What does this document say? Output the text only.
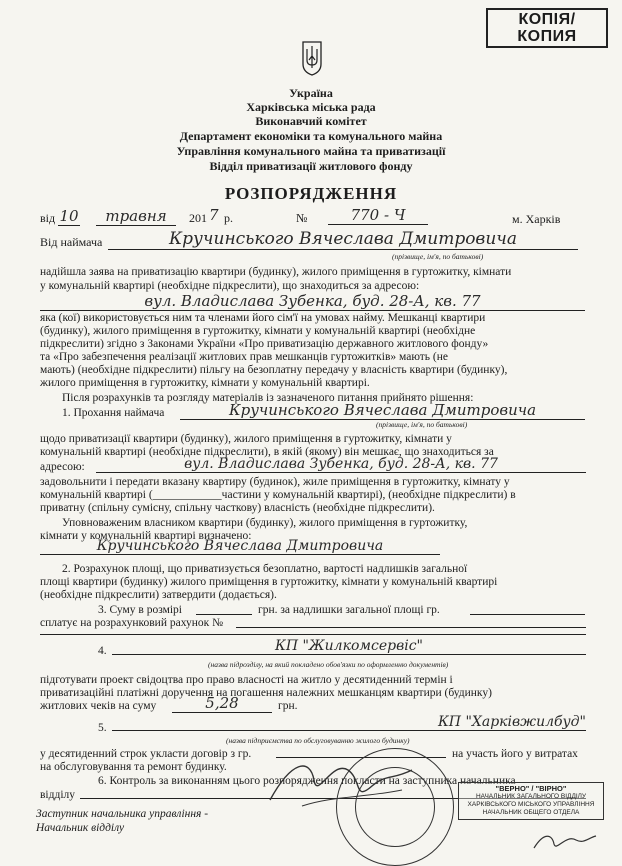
КОПІЯ/
КОПИЯ
Україна
Харківська міська рада
Виконавчий комітет
Департамент економіки та комунального майна
Управління комунального майна та приватизації
Відділ приватизації житлового фонду
РОЗПОРЯДЖЕННЯ
від 10	травня	201 7 р.	№	770 - Ч	м. Харків
Від наймача	Кручинського Вячеслава Дмитровича
(прізвище, ім'я, по батькові)
надійшла заява на приватизацію квартири (будинку), жилого приміщення в гуртожитку, кімнати
у комунальній квартирі (необхідне підкреслити), що знаходиться за адресою:
вул. Владислава Зубенка, буд. 28-А, кв. 77
яка (кої) використовується ним та членами його сім'ї на умовах найму. Мешканці квартири
(будинку), жилого приміщення в гуртожитку, кімнати у комунальній квартирі (необхідне
підкреслити) згідно з Законами України «Про приватизацію державного житлового фонду»
та «Про забезпечення реалізації житлових прав мешканців гуртожитків» мають (не
мають) (необхідне підкреслити) пільгу на безоплатну передачу у власність квартири (будинку),
жилого приміщення в гуртожитку, кімнати у комунальній квартирі.
Після розрахунків та розгляду матеріалів із зазначеного питання прийнято рішення:
1. Прохання наймача	Кручинського Вячеслава Дмитровича
(прізвище, ім'я, по батькові)
щодо приватизації квартири (будинку), жилого приміщення в гуртожитку, кімнати у
комунальній квартирі (необхідне підкреслити), в якій (якому) він мешкає, що знаходиться за
адресою:	вул. Владислава Зубенка, буд. 28-А, кв. 77
задовольнити і передати вказану квартиру (будинок), жиле приміщення в гуртожитку, кімнату у
комунальній квартирі (____________частини у комунальній квартирі), (необхідне підкреслити) в
приватну (спільну сумісну, спільну часткову) власність (необхідне підкреслити).
Уповноваженим власником квартири (будинку), жилого приміщення в гуртожитку,
кімнати у комунальній квартирі визначено:
Кручинського Вячеслава Дмитровича
2. Розрахунок площі, що приватизується безоплатно, вартості надлишків загальної
площі квартири (будинку) жилого приміщення в гуртожитку, кімнати у комунальній квартирі
(необхідне підкреслити) затвердити (додається).
3. Суму в розмірі	грн. за надлишки загальної площі гр.
сплатує на розрахунковий рахунок №
4.	КП "Жилкомсервіс"
(назва підрозділу, на який покладено обов'язки по оформленню документів)
підготувати проект свідоцтва про право власності на житло у десятиденний термін і
приватизаційні платіжні доручення на погашення належних мешканцям квартири (будинку)
житлових чеків на суму	5,28	грн.
5.	КП "Харківжилбуд"
(назва підприємства по обслуговуванню жилого будинку)
у десятиденний строк укласти договір з гр.	на участь його у витратах
на обслуговування та ремонт будинку.
6. Контроль за виконанням цього розпорядження покласти на заступника начальника
відділу
Заступник начальника управління -
Начальник відділу
"ВЕРНО" / "ВІРНО"
НАЧАЛЬНИК ЗАГАЛЬНОГО ВІДДІЛУ
ХАРКІВСЬКОГО МІСЬКОГО УПРАВЛІННЯ
НАЧАЛЬНИК ОБЩЕГО ОТДЕЛА
